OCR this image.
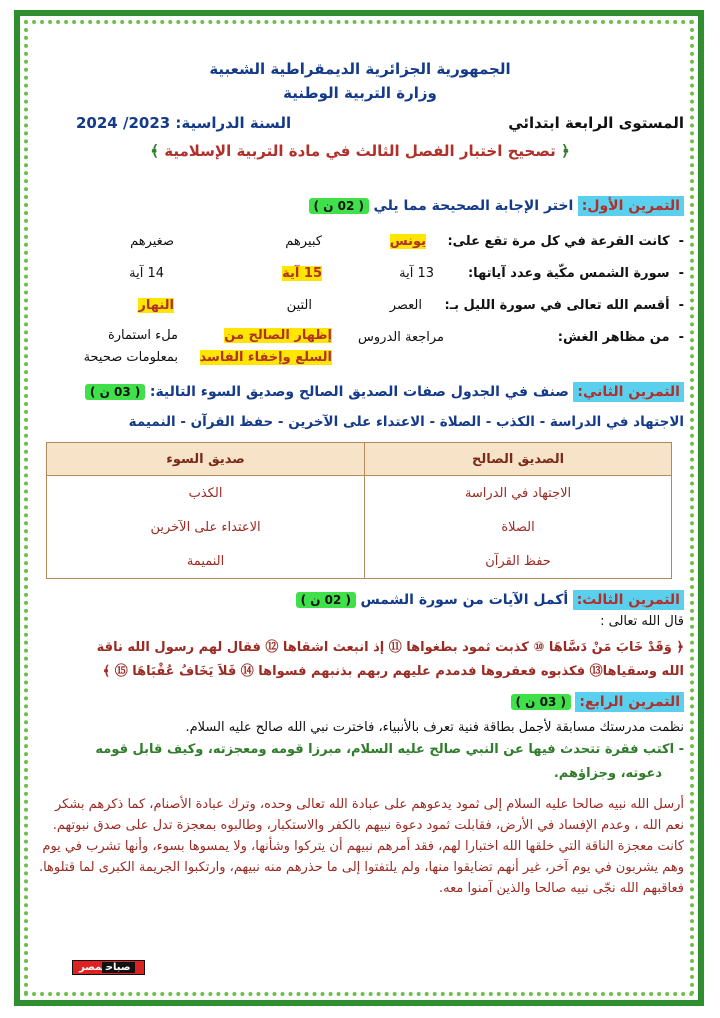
الجمهورية الجزائرية الديمقراطية الشعبية
وزارة التربية الوطنية
المستوى الرابعة ابتدائي
السنة الدراسية: 2023/ 2024
﴿ تصحيح اختبار الفصل الثالث في مادة التربية الإسلامية ﴾
التمرين الأول: اختر الإجابة الصحيحة مما يلي ( 02 ن )
-  كانت القرعة في كل مرة تقع على:
يونس
كبيرهم
صغيرهم
-  سورة الشمس مكّية وعدد آياتها:
13 آية
15 آية
14 آية
-  أقسم الله تعالى في سورة الليل بـ:
العصر
التين
النهار
-  من مظاهر الغش:
مراجعة الدروس
إظهار الصالح من
السلع وإخفاء الفاسد
ملء استمارة
بمعلومات صحيحة
التمرين الثاني: صنف في الجدول صفات الصديق الصالح وصديق السوء التالية: ( 03 ن )
الاجتهاد في الدراسة - الكذب - الصلاة - الاعتداء على الآخرين - حفظ القرآن - النميمة
الصديق الصالح	صديق السوء
الاجتهاد في الدراسة	الكذب
الصلاة	الاعتداء على الآخرين
حفظ القرآن	النميمة
التمرين الثالث: أكمل الآيات من سورة الشمس ( 02 ن )
قال الله تعالى :
﴿ وَقَدْ خَابَ مَنْ دَسَّاهَا ⑩ كذبت ثمود بطغواها ⑪ إذ انبعث اشقاها ⑫ فقال لهم رسول الله ناقة
الله وسقياها⑬ فكذبوه فعقروها فدمدم عليهم ربهم بذنبهم فسواها ⑭ فَلاَ يَخَافُ عُقْبَاهَا ⑮ ﴾
التمرين الرابع: ( 03 ن )
نظمت مدرستك مسابقة لأجمل بطاقة فنية تعرف بالأنبياء، فاخترت نبي الله صالح عليه السلام.
- اكتب فقرة تتحدث فيها عن النبي صالح عليه السلام، مبرزا قومه ومعجزته، وكيف قابل قومه
دعوته، وجزاؤهم.
أرسل الله نبيه صالحا عليه السلام إلى ثمود يدعوهم على عبادة الله تعالى وحده، وترك عبادة الأصنام، كما ذكرهم بشكر نعم الله ، وعدم الإفساد في الأرض، فقابلت ثمود دعوة نبيهم بالكفر والاستكبار، وطالبوه بمعجزة تدل على صدق نبوتهم. كانت معجزة الناقة التي خلقها الله اختبارا لهم، فقد أمرهم نبيهم أن يتركوا وشأنها، ولا يمسوها بسوء، وأنها تشرب في يوم وهم يشربون في يوم آخر، غير أنهم تضايقوا منها، ولم يلتفتوا إلى ما حذرهم منه نبيهم، وارتكبوا الجريمة الكبرى لما قتلوها. فعاقبهم الله نجّى نبيه صالحا والذين آمنوا معه.
صباحمصر
